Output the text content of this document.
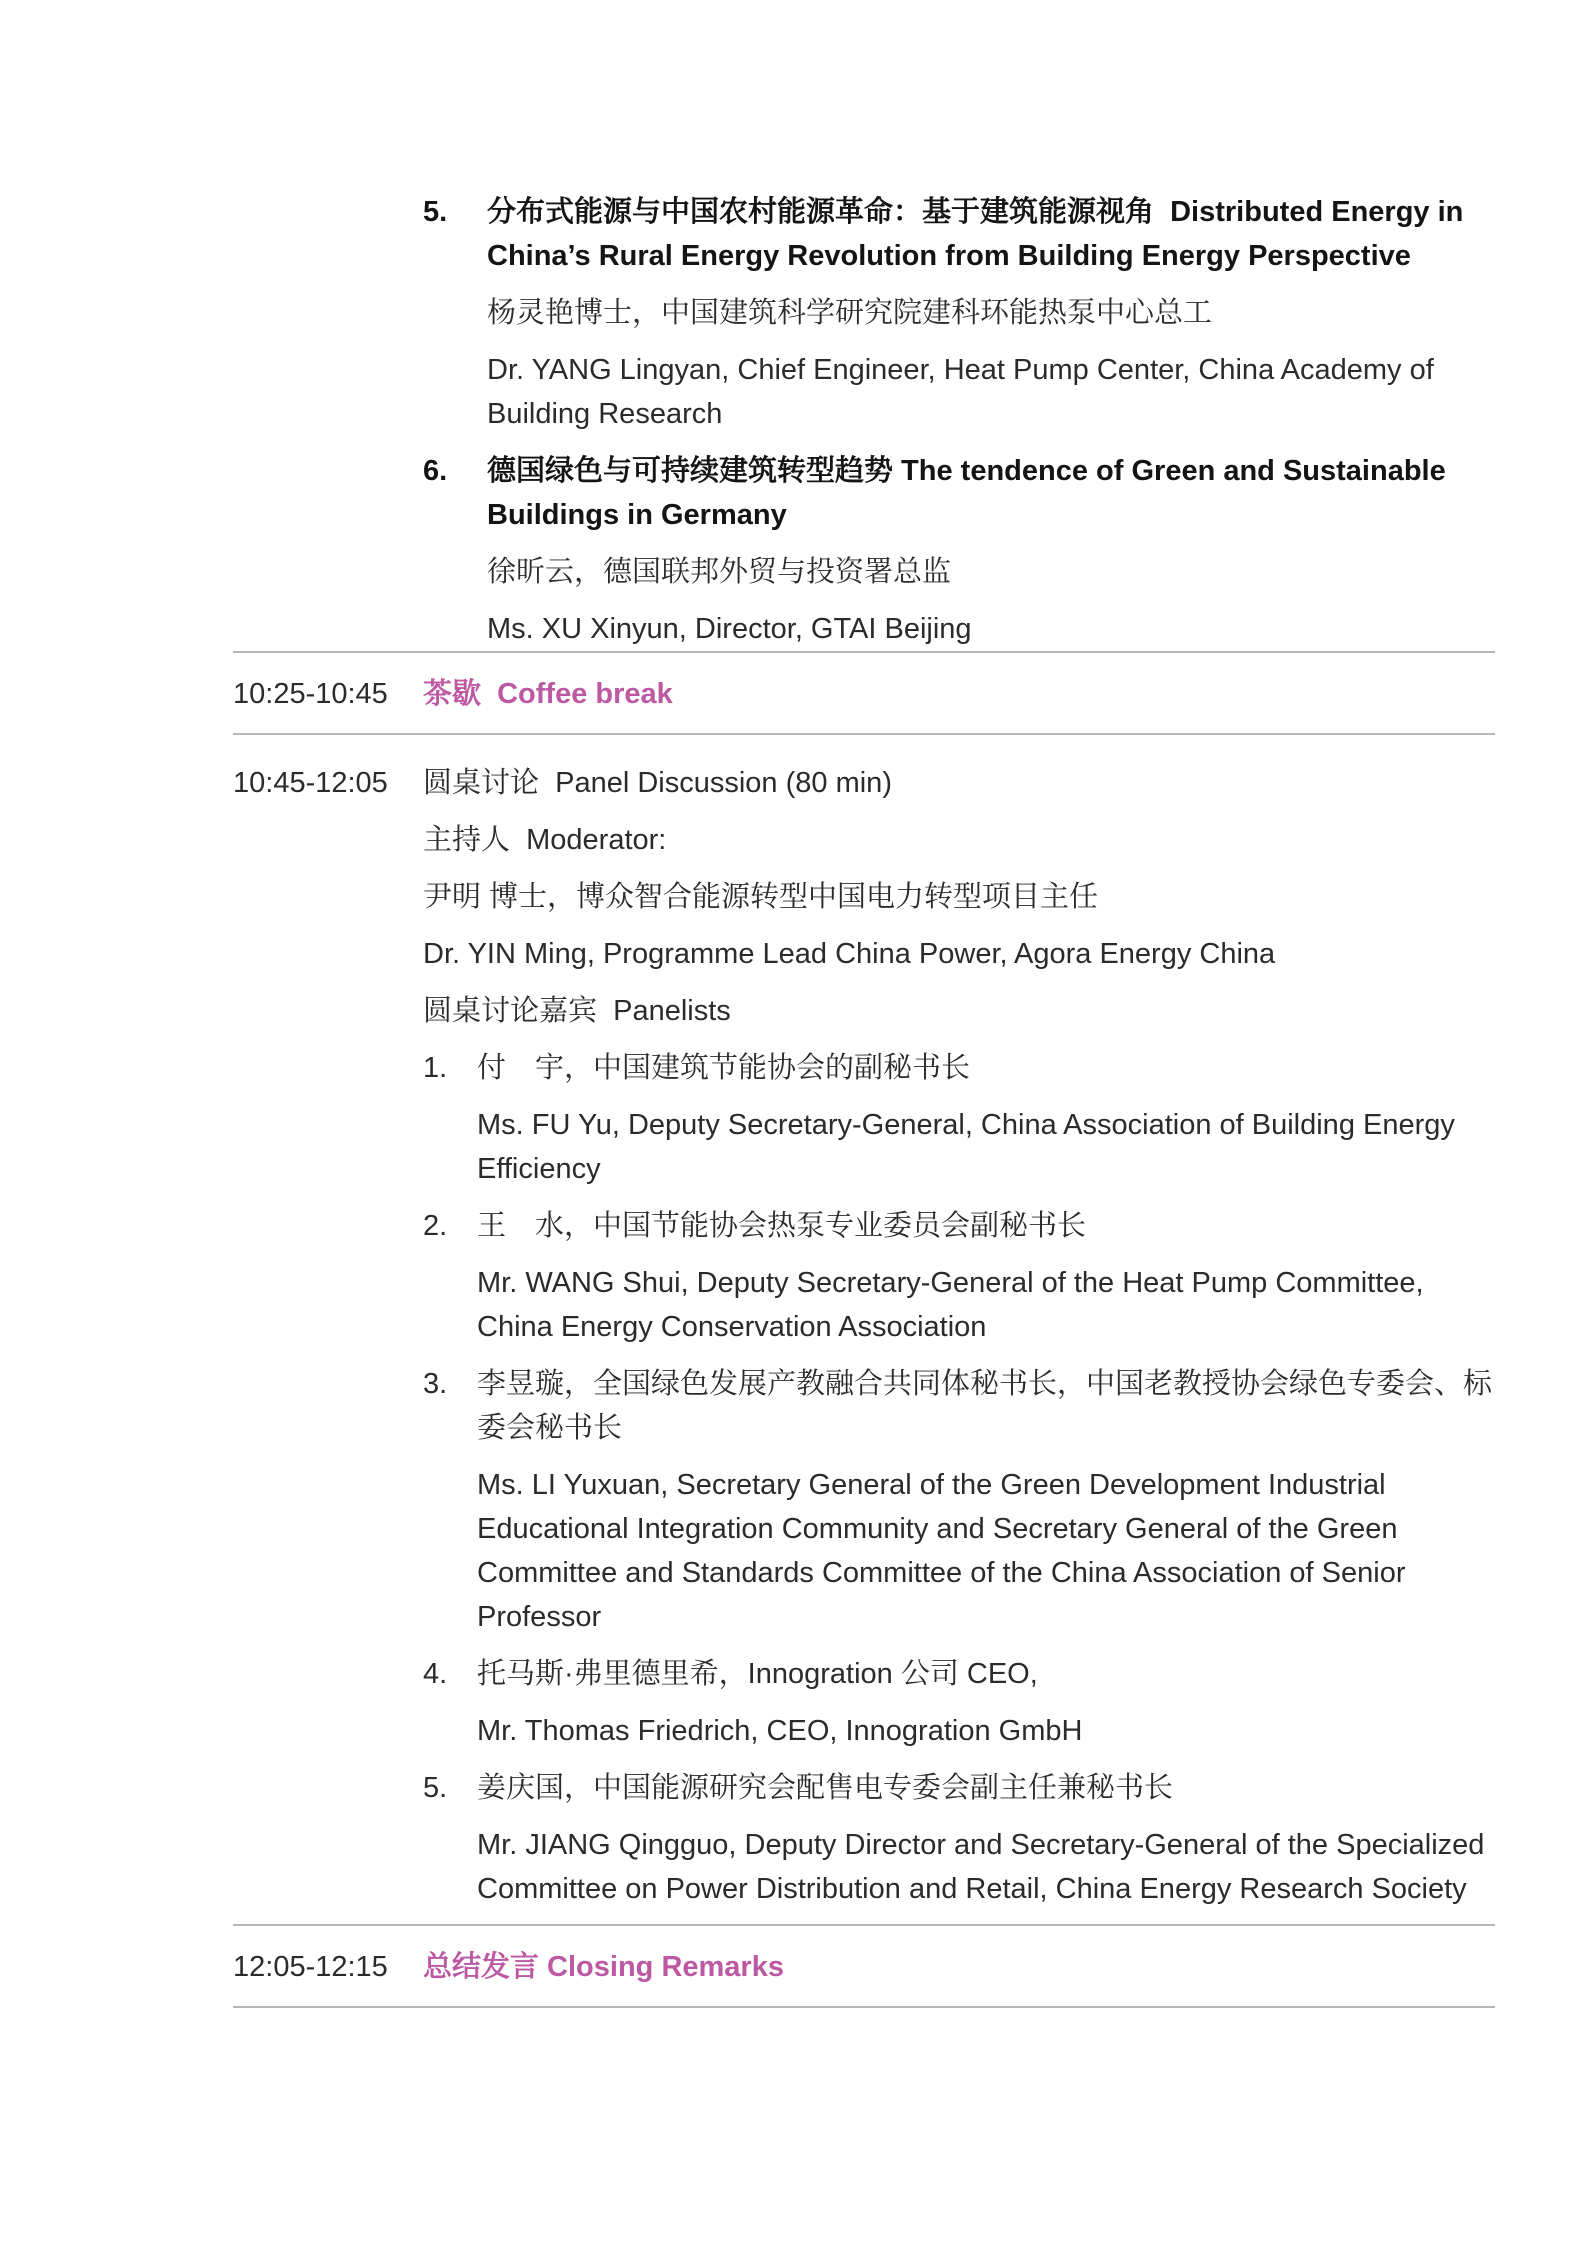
5.	分布式能源与中国农村能源革命：基于建筑能源视角  Distributed Energy in China’s Rural Energy Revolution from Building Energy Perspective

杨灵艳博士，中国建筑科学研究院建科环能热泵中心总工

Dr. YANG Lingyan, Chief Engineer, Heat Pump Center, China Academy of Building Research

6.	德国绿色与可持续建筑转型趋势 The tendence of Green and Sustainable Buildings in Germany

徐昕云，德国联邦外贸与投资署总监

Ms. XU Xinyun, Director, GTAI Beijing

10:25-10:45	茶歇  Coffee break
10:45-12:05	圆桌讨论  Panel Discussion (80 min)

主持人  Moderator:

尹明 博士，博众智合能源转型中国电力转型项目主任

Dr. YIN Ming, Programme Lead China Power, Agora Energy China

圆桌讨论嘉宾  Panelists

1.	付　宇，中国建筑节能协会的副秘书长

Ms. FU Yu, Deputy Secretary-General, China Association of Building Energy Efficiency

2.	王　水，中国节能协会热泵专业委员会副秘书长

Mr. WANG Shui, Deputy Secretary-General of the Heat Pump Committee, China Energy Conservation Association

3.	李昱璇，全国绿色发展产教融合共同体秘书长，中国老教授协会绿色专委会、标委会秘书长

Ms. LI Yuxuan, Secretary General of the Green Development Industrial Educational Integration Community and Secretary General of the Green Committee and Standards Committee of the China Association of Senior Professor

4.	托马斯·弗里德里希，Innogration 公司 CEO,

Mr. Thomas Friedrich, CEO, Innogration GmbH

5.	姜庆国，中国能源研究会配售电专委会副主任兼秘书长

Mr. JIANG Qingguo, Deputy Director and Secretary-General of the Specialized Committee on Power Distribution and Retail, China Energy Research Society

12:05-12:15	总结发言 Closing Remarks
